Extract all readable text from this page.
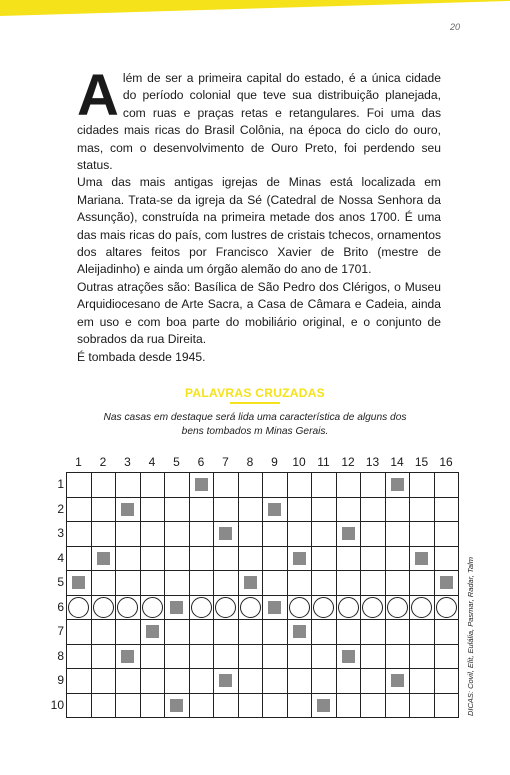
20
A lém de ser a primeira capital do estado, é a única cidade do período colonial que teve sua distribuição planejada, com ruas e praças retas e retangulares. Foi uma das cidades mais ricas do Brasil Colônia, na época do ciclo do ouro, mas, com o desenvolvimento de Ouro Preto, foi perdendo seu status.

Uma das mais antigas igrejas de Minas está localizada em Mariana. Trata-se da igreja da Sé (Catedral de Nossa Senhora da Assunção), construída na primeira metade dos anos 1700. É uma das mais ricas do país, com lustres de cristais tchecos, ornamentos dos altares feitos por Francisco Xavier de Brito (mestre de Aleijadinho) e ainda um órgão alemão do ano de 1701.

Outras atrações são: Basílica de São Pedro dos Clérigos, o Museu Arquidiocesano de Arte Sacra, a Casa de Câmara e Cadeia, ainda em uso e com boa parte do mobiliário original, e o conjunto de sobrados da rua Direita.

É tombada desde 1945.

PALAVRAS CRUZADAS
Nas casas em destaque será lida uma característica de alguns dos bens tombados m Minas Gerais.
1	2	3	4	5	6	7	8	9	10 11 12 13 14 15 16
1
2
3
4
5
6
7
8
9
10	DICAS: Covil, Elit, Eulália, Pasmar, Radar, Talm
